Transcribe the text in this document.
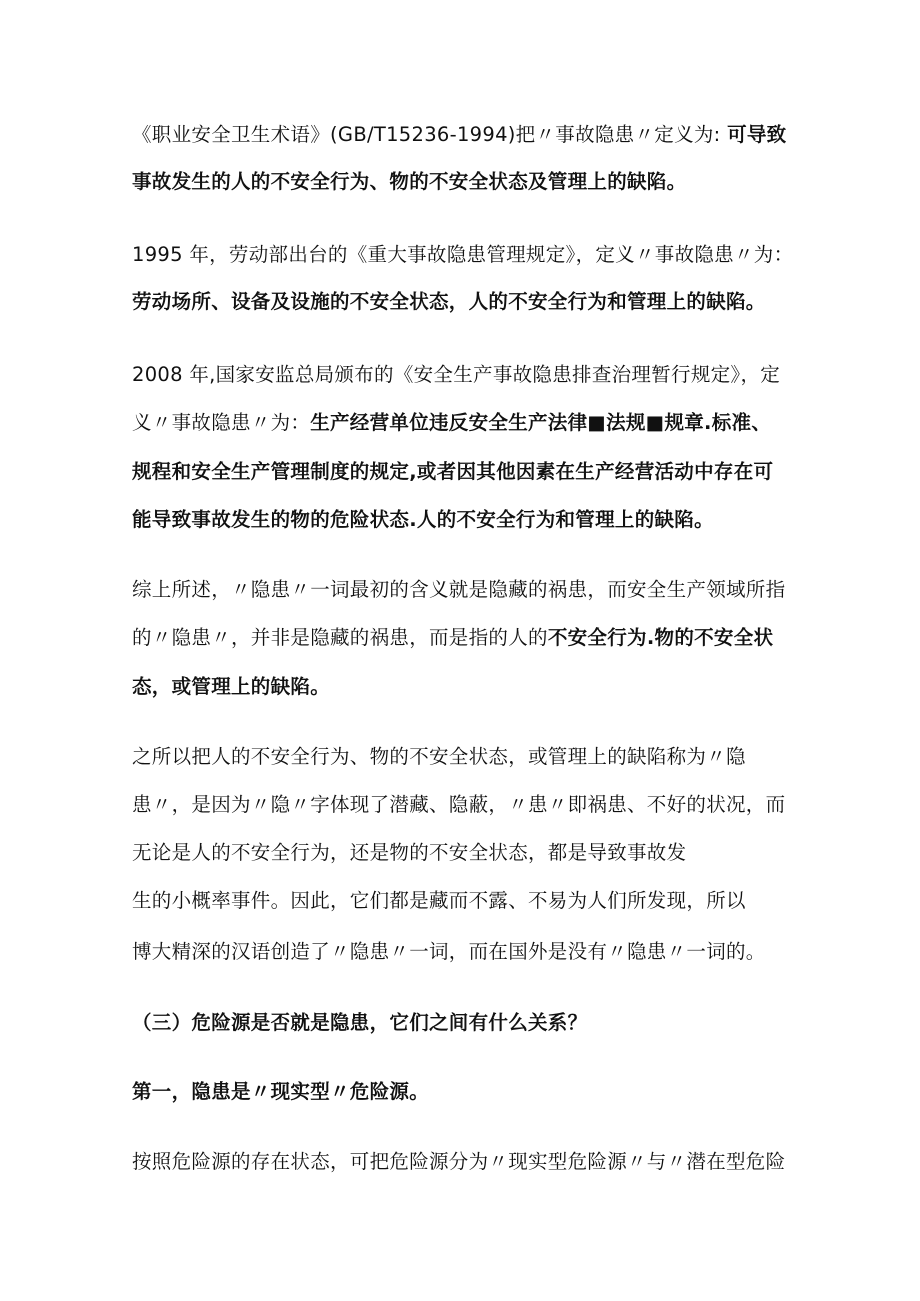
《职业安全卫生术语》(GB/T15236-1994)把〃事故隐患〃定义为: 可导致
事故发生的人的不安全行为、物的不安全状态及管理上的缺陷。
1995 年，劳动部出台的《重大事故隐患管理规定》，定义〃事故隐患〃为：
劳动场所、设备及设施的不安全状态，人的不安全行为和管理上的缺陷。
2008 年,国家安监总局颁布的《安全生产事故隐患排查治理暂行规定》，定
义〃事故隐患〃为：生产经营单位违反安全生产法律■法规■规章.标准、
规程和安全生产管理制度的规定,或者因其他因素在生产经营活动中存在可
能导致事故发生的物的危险状态.人的不安全行为和管理上的缺陷。
综上所述，〃隐患〃一词最初的含义就是隐藏的祸患，而安全生产领域所指
的〃隐患〃，并非是隐藏的祸患，而是指的人的不安全行为.物的不安全状
态，或管理上的缺陷。
之所以把人的不安全行为、物的不安全状态，或管理上的缺陷称为〃隐
患〃，是因为〃隐〃字体现了潜藏、隐蔽，〃患〃即祸患、不好的状况，而
无论是人的不安全行为，还是物的不安全状态，都是导致事故发
生的小概率事件。因此，它们都是藏而不露、不易为人们所发现，所以
博大精深的汉语创造了〃隐患〃一词，而在国外是没有〃隐患〃一词的。
（三）危险源是否就是隐患，它们之间有什么关系？
第一，隐患是〃现实型〃危险源。
按照危险源的存在状态，可把危险源分为〃现实型危险源〃与〃潜在型危险
